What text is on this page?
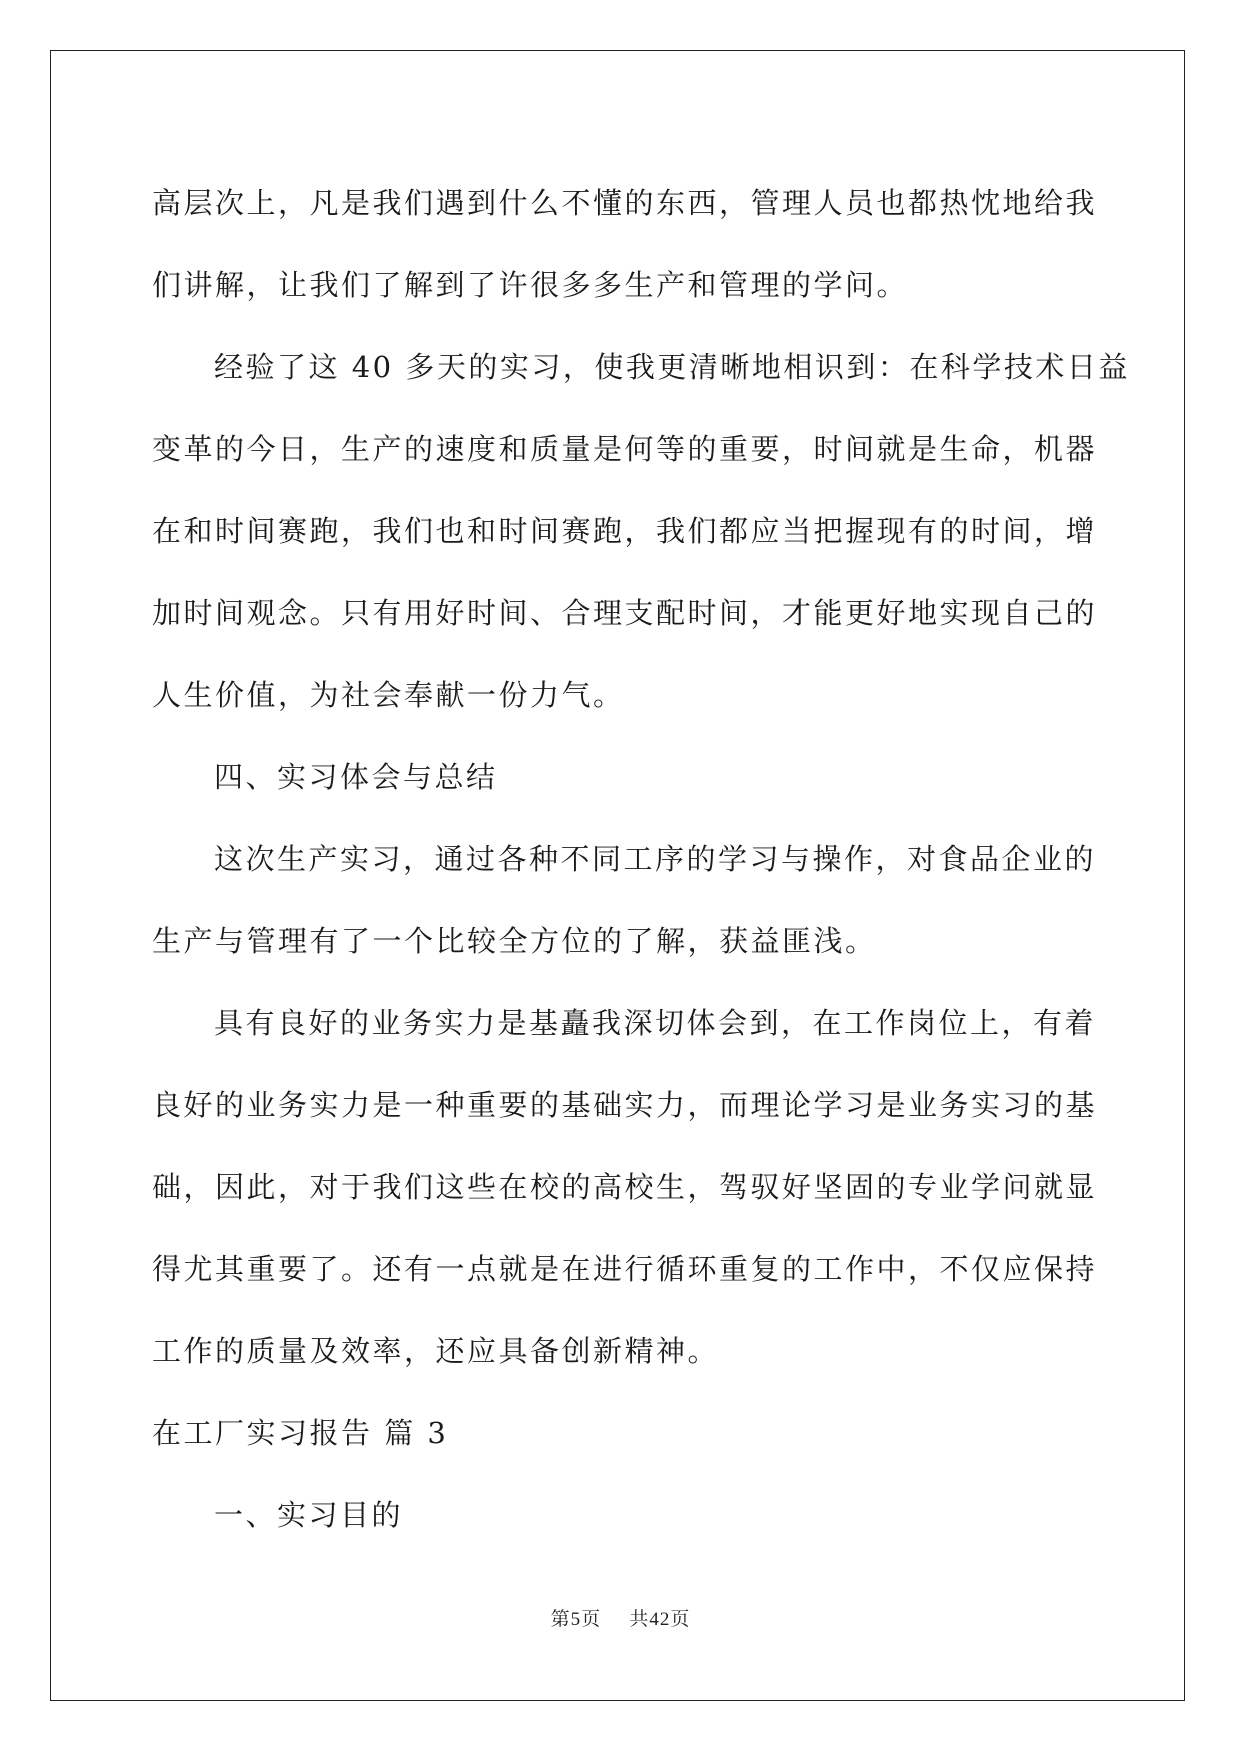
高层次上，凡是我们遇到什么不懂的东西，管理人员也都热忱地给我
们讲解，让我们了解到了许很多多生产和管理的学问。
经验了这 40 多天的实习，使我更清晰地相识到：在科学技术日益
变革的今日，生产的速度和质量是何等的重要，时间就是生命，机器
在和时间赛跑，我们也和时间赛跑，我们都应当把握现有的时间，增
加时间观念。只有用好时间、合理支配时间，才能更好地实现自己的
人生价值，为社会奉献一份力气。
四、实习体会与总结
这次生产实习，通过各种不同工序的学习与操作，对食品企业的
生产与管理有了一个比较全方位的了解，获益匪浅。
具有良好的业务实力是基矗我深切体会到，在工作岗位上，有着
良好的业务实力是一种重要的基础实力，而理论学习是业务实习的基
础，因此，对于我们这些在校的高校生，驾驭好坚固的专业学问就显
得尤其重要了。还有一点就是在进行循环重复的工作中，不仅应保持
工作的质量及效率，还应具备创新精神。
在工厂实习报告 篇 3
一、实习目的
第5页 共42页
